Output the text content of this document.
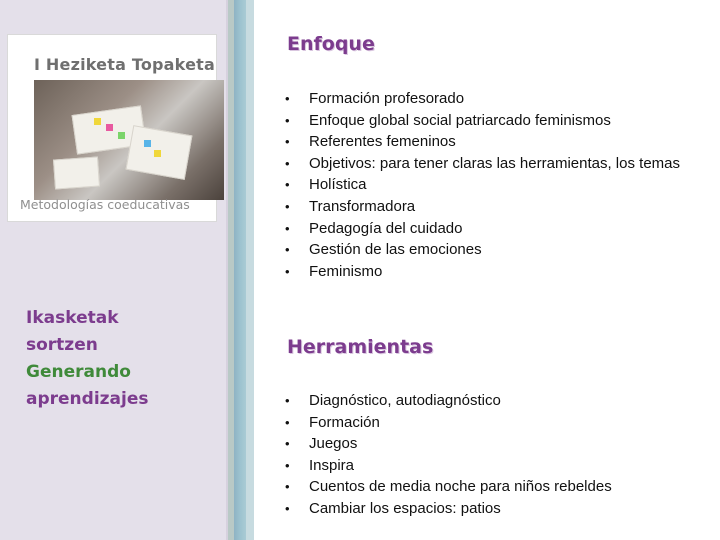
I Heziketa Topaketa
Metodologías coeducativas
Ikasketak
sortzen
Generando
aprendizajes
Enfoque
• Formación profesorado
• Enfoque global social patriarcado feminismos
• Referentes femeninos
• Objetivos: para tener claras las herramientas, los temas
• Holística
• Transformadora
• Pedagogía del cuidado
• Gestión de las emociones
• Feminismo
Herramientas
• Diagnóstico, autodiagnóstico
• Formación
• Juegos
• Inspira
• Cuentos de media noche para niños rebeldes
• Cambiar los espacios: patios
